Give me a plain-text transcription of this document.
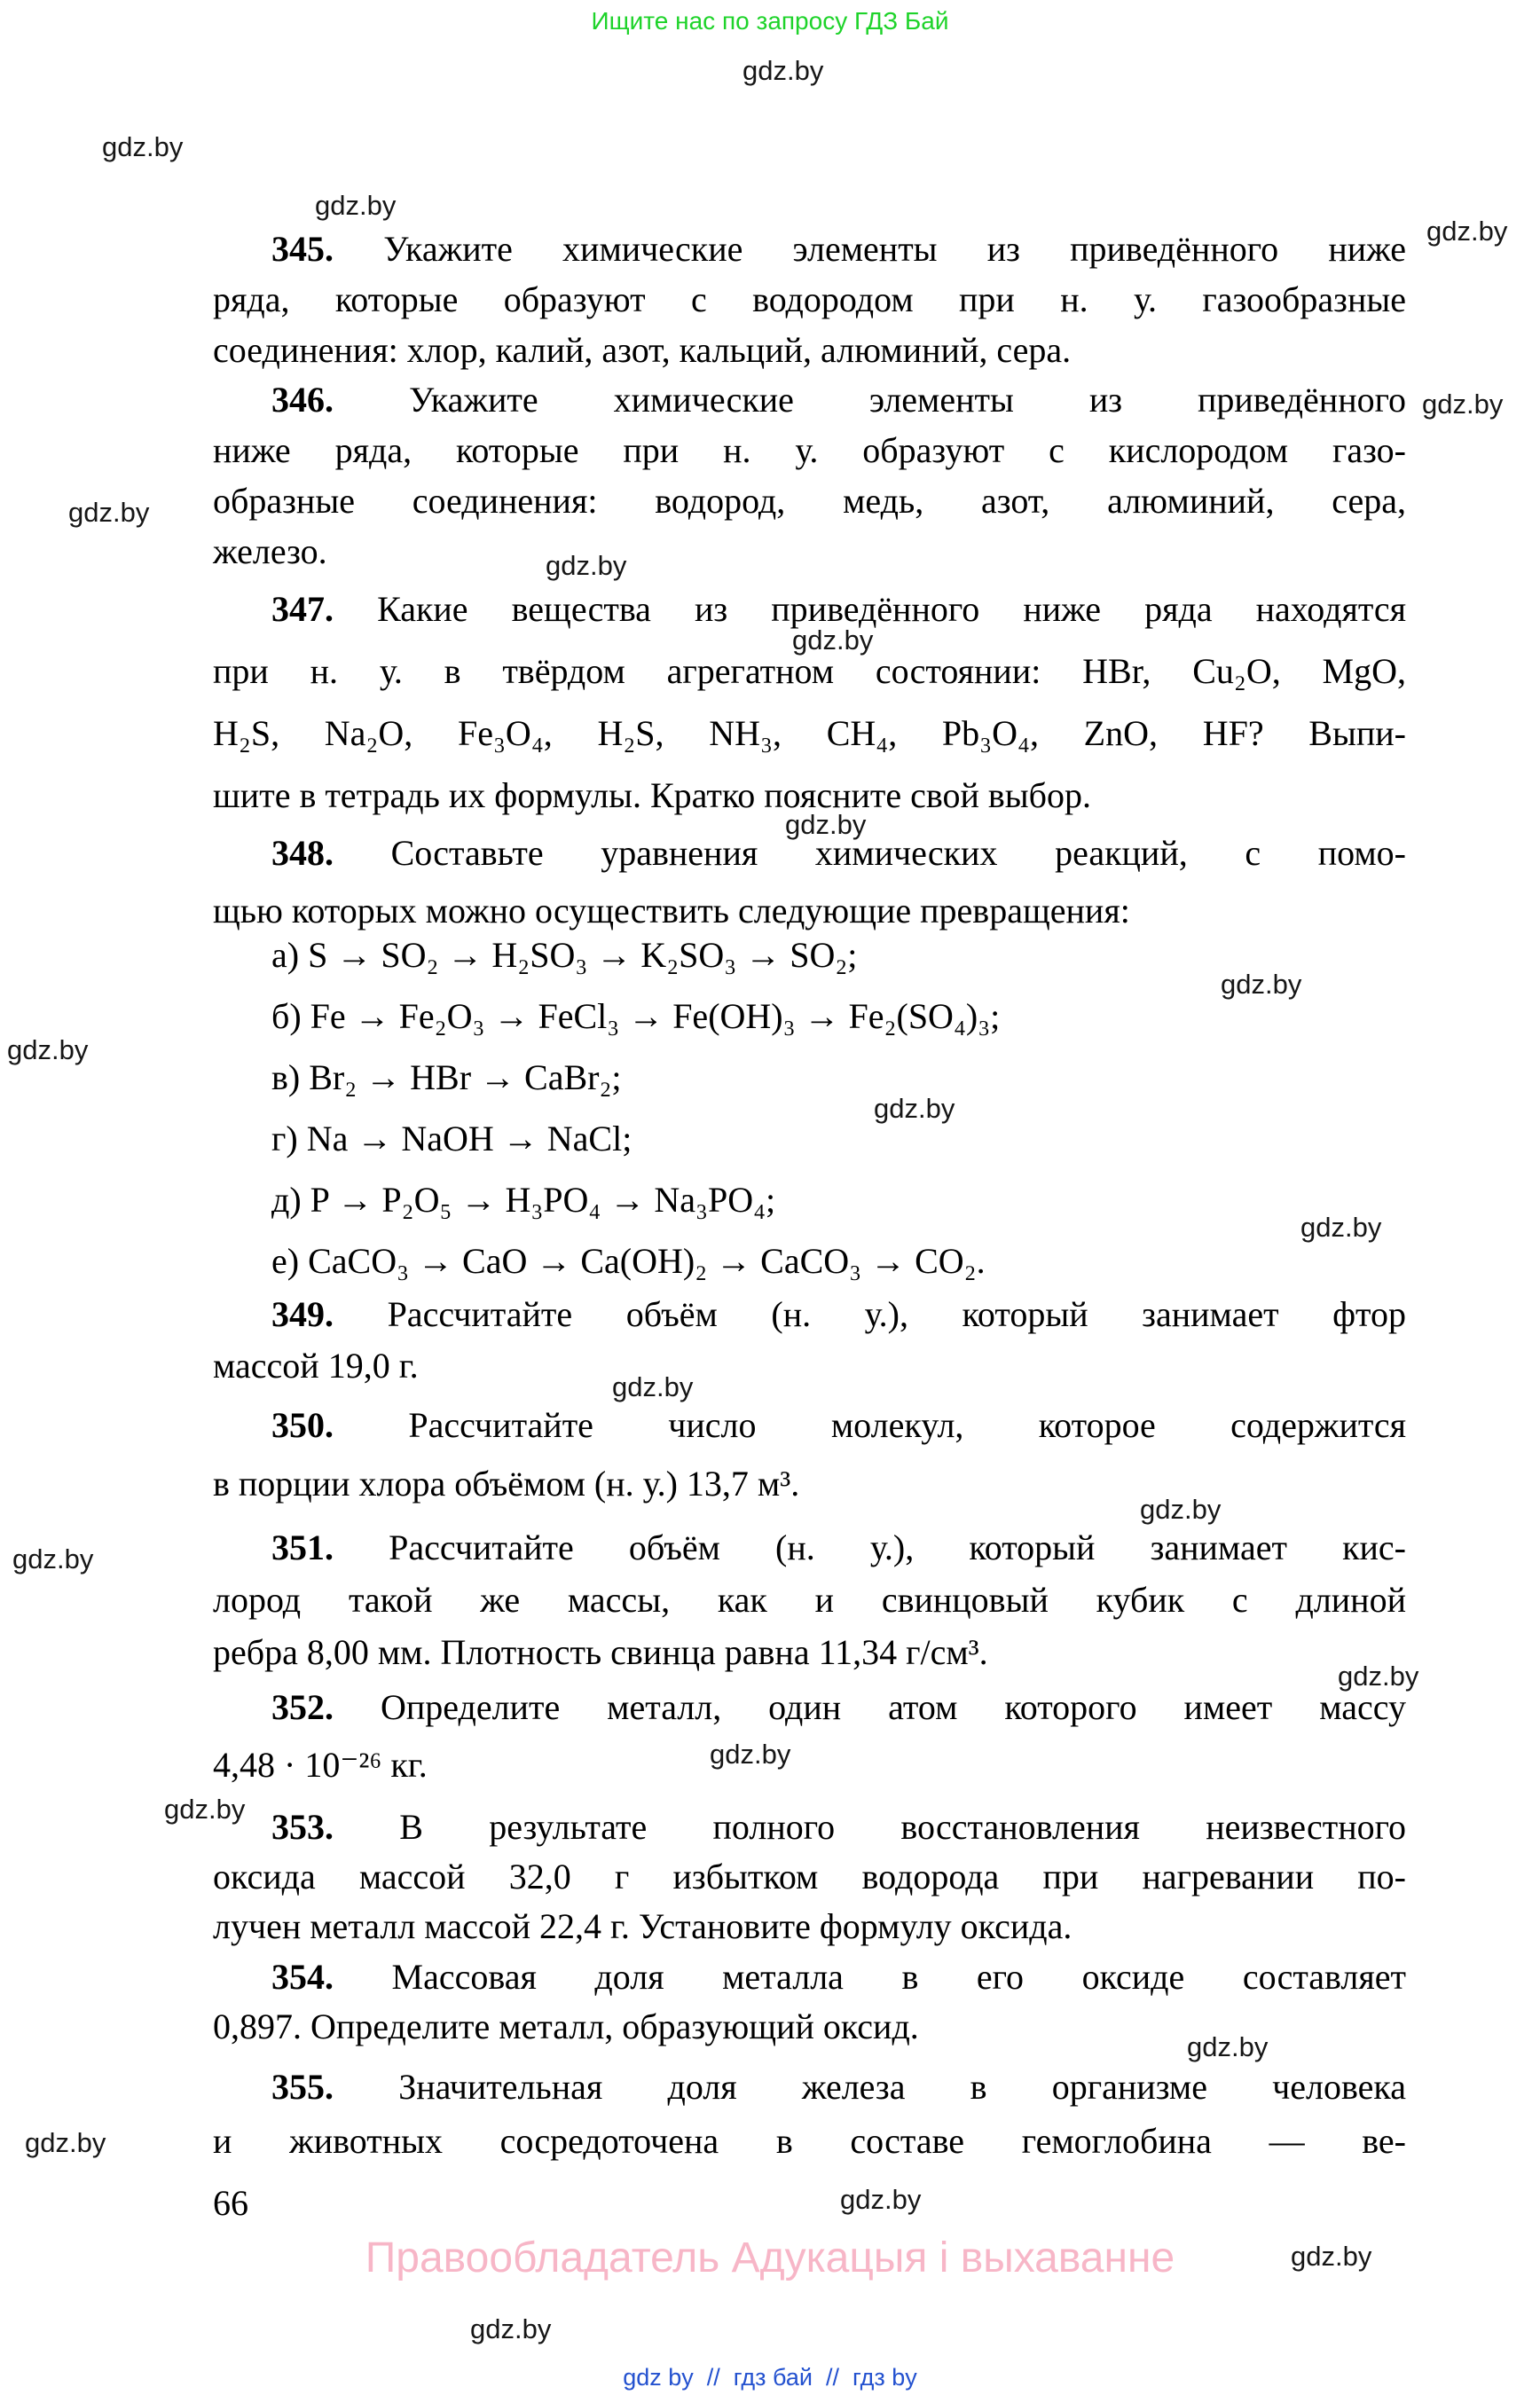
Ищите нас по запросу ГДЗ Бай
gdz.by
gdz.by
gdz.by
gdz.by
gdz.by
gdz.by
gdz.by
gdz.by
gdz.by
gdz.by
gdz.by
gdz.by
gdz.by
gdz.by
gdz.by
gdz.by
gdz.by
gdz.by
gdz.by
gdz.by
gdz.by
gdz.by
gdz.by
gdz.by
345. Укажите химические элементы из приведённого ниже
ряда, которые образуют с водородом при н. у. газообразные
соединения: хлор, калий, азот, кальций, алюминий, сера.
346. Укажите химические элементы из приведённого
ниже ряда, которые при н. у. образуют с кислородом газо-
образные соединения: водород, медь, азот, алюминий, сера,
железо.
347. Какие вещества из приведённого ниже ряда находятся
при н. у. в твёрдом агрегатном состоянии: HBr, Cu₂O, MgO,
H₂S, Na₂O, Fe₃O₄, H₂S, NH₃, CH₄, Pb₃O₄, ZnO, HF? Выпи-
шите в тетрадь их формулы. Кратко поясните свой выбор.
348. Составьте уравнения химических реакций, с помо-
щью которых можно осуществить следующие превращения:
а) S → SO₂ → H₂SO₃ → K₂SO₃ → SO₂;
б) Fe → Fe₂O₃ → FeCl₃ → Fe(OH)₃ → Fe₂(SO₄)₃;
в) Br₂ → HBr → CaBr₂;
г) Na → NaOH → NaCl;
д) P → P₂O₅ → H₃PO₄ → Na₃PO₄;
е) CaCO₃ → CaO → Ca(OH)₂ → CaCO₃ → CO₂.
349. Рассчитайте объём (н. у.), который занимает фтор
массой 19,0 г.
350. Рассчитайте число молекул, которое содержится
в порции хлора объёмом (н. у.) 13,7 м³.
351. Рассчитайте объём (н. у.), который занимает кис-
лород такой же массы, как и свинцовый кубик с длиной
ребра 8,00 мм. Плотность свинца равна 11,34 г/см³.
352. Определите металл, один атом которого имеет массу
4,48 · 10⁻²⁶ кг.
353. В результате полного восстановления неизвестного
оксида массой 32,0 г избытком водорода при нагревании по-
лучен металл массой 22,4 г. Установите формулу оксида.
354. Массовая доля металла в его оксиде составляет
0,897. Определите металл, образующий оксид.
355. Значительная доля железа в организме человека
и животных сосредоточена в составе гемоглобина — ве-
66
Правообладатель Адукацыя і выхаванне
gdz by  //  гдз бай  //  гдз by
